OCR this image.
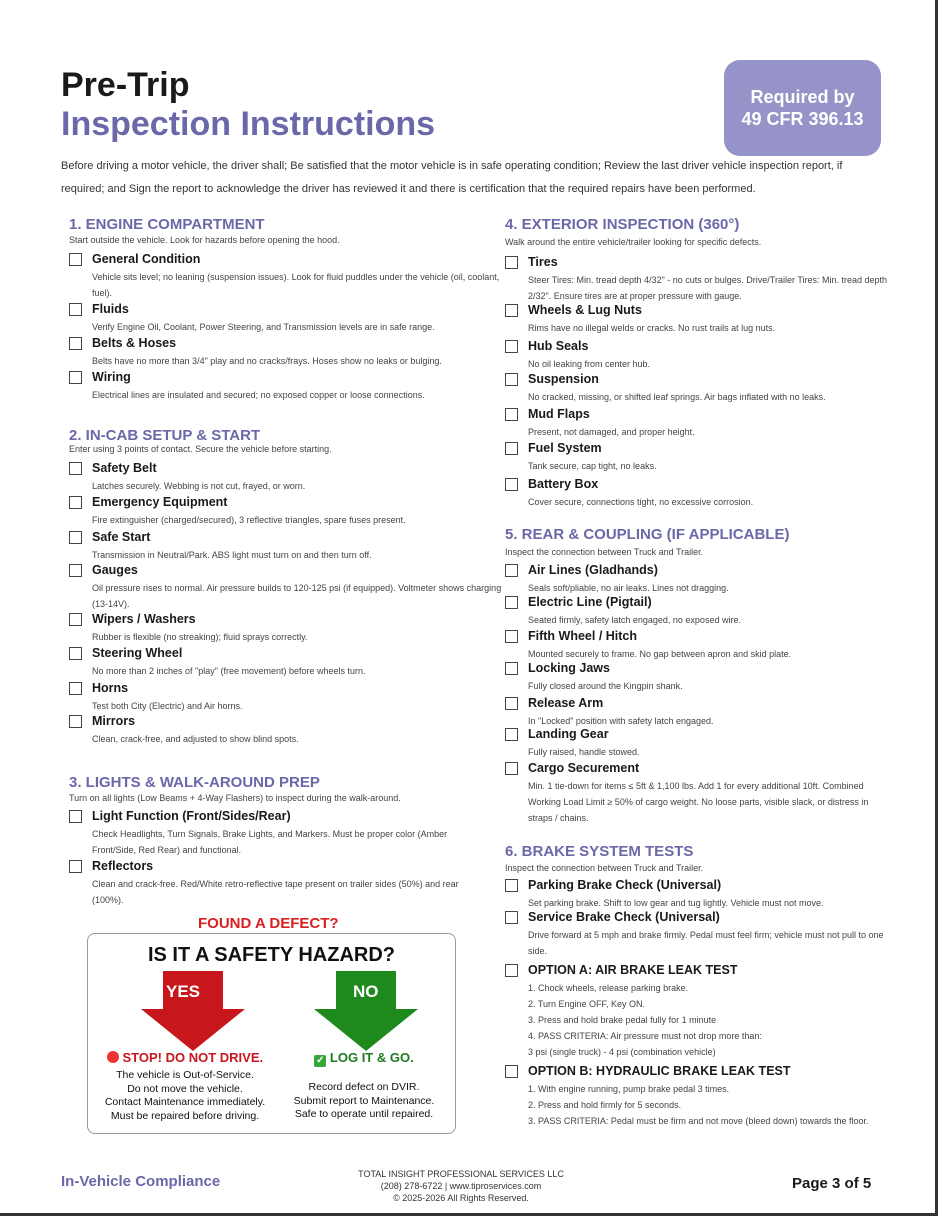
Pre-Trip
Inspection Instructions
Required by
49 CFR 396.13
Before driving a motor vehicle, the driver shall; Be satisfied that the motor vehicle is in safe operating condition; Review the last driver vehicle inspection report, if required; and Sign the report to acknowledge the driver has reviewed it and there is certification that the required repairs have been performed.
1. ENGINE COMPARTMENT
Start outside the vehicle. Look for hazards before opening the hood.
General Condition
Vehicle sits level; no leaning (suspension issues). Look for fluid puddles under the vehicle (oil, coolant, fuel).
Fluids
Verify Engine Oil, Coolant, Power Steering, and Transmission levels are in safe range.
Belts & Hoses
Belts have no more than 3/4" play and no cracks/frays. Hoses show no leaks or bulging.
Wiring
Electrical lines are insulated and secured; no exposed copper or loose connections.
2. IN-CAB SETUP & START
Enter using 3 points of contact. Secure the vehicle before starting.
Safety Belt
Latches securely. Webbing is not cut, frayed, or worn.
Emergency Equipment
Fire extinguisher (charged/secured), 3 reflective triangles, spare fuses present.
Safe Start
Transmission in Neutral/Park. ABS light must turn on and then turn off.
Gauges
Oil pressure rises to normal. Air pressure builds to 120-125 psi (if equipped). Voltmeter shows charging (13-14V).
Wipers / Washers
Rubber is flexible (no streaking); fluid sprays correctly.
Steering Wheel
No more than 2 inches of "play" (free movement) before wheels turn.
Horns
Test both City (Electric) and Air horns.
Mirrors
Clean, crack-free, and adjusted to show blind spots.
3. LIGHTS & WALK-AROUND PREP
Turn on all lights (Low Beams + 4-Way Flashers) to inspect during the walk-around.
Light Function (Front/Sides/Rear)
Check Headlights, Turn Signals, Brake Lights, and Markers. Must be proper color (Amber Front/Side, Red Rear) and functional.
Reflectors
Clean and crack-free. Red/White retro-reflective tape present on trailer sides (50%) and rear (100%).
4. EXTERIOR INSPECTION (360°)
Walk around the entire vehicle/trailer looking for specific defects.
Tires
Steer Tires: Min. tread depth 4/32" - no cuts or bulges. Drive/Trailer Tires: Min. tread depth 2/32". Ensure tires are at proper pressure with gauge.
Wheels & Lug Nuts
Rims have no illegal welds or cracks. No rust trails at lug nuts.
Hub Seals
No oil leaking from center hub.
Suspension
No cracked, missing, or shifted leaf springs. Air bags inflated with no leaks.
Mud Flaps
Present, not damaged, and proper height.
Fuel System
Tank secure, cap tight, no leaks.
Battery Box
Cover secure, connections tight, no excessive corrosion.
5. REAR & COUPLING (IF APPLICABLE)
Inspect the connection between Truck and Trailer.
Air Lines (Gladhands)
Seals soft/pliable, no air leaks. Lines not dragging.
Electric Line (Pigtail)
Seated firmly, safety latch engaged, no exposed wire.
Fifth Wheel / Hitch
Mounted securely to frame. No gap between apron and skid plate.
Locking Jaws
Fully closed around the Kingpin shank.
Release Arm
In "Locked" position with safety latch engaged.
Landing Gear
Fully raised, handle stowed.
Cargo Securement
Min. 1 tie-down for items ≤ 5ft & 1,100 lbs. Add 1 for every additional 10ft. Combined Working Load Limit ≥ 50% of cargo weight. No loose parts, visible slack, or distress in straps / chains.
6. BRAKE SYSTEM TESTS
Inspect the connection between Truck and Trailer.
Parking Brake Check (Universal)
Set parking brake. Shift to low gear and tug lightly. Vehicle must not move.
Service Brake Check (Universal)
Drive forward at 5 mph and brake firmly. Pedal must feel firm; vehicle must not pull to one side.
OPTION A: AIR BRAKE LEAK TEST
1. Chock wheels, release parking brake.
2. Turn Engine OFF, Key ON.
3. Press and hold brake pedal fully for 1 minute
4. PASS CRITERIA: Air pressure must not drop more than:
3 psi (single truck) - 4 psi (combination vehicle)
OPTION B: HYDRAULIC BRAKE LEAK TEST
1. With engine running, pump brake pedal 3 times.
2. Press and hold firmly for 5 seconds.
3. PASS CRITERIA: Pedal must be firm and not move (bleed down) towards the floor.
FOUND A DEFECT?
IS IT A SAFETY HAZARD?
YES	NO
STOP! DO NOT DRIVE.
The vehicle is Out-of-Service.
Do not move the vehicle.
Contact Maintenance immediately.
Must be repaired before driving.
✓ LOG IT & GO.
Record defect on DVIR.
Submit report to Maintenance.
Safe to operate until repaired.
In-Vehicle Compliance	TOTAL INSIGHT PROFESSIONAL SERVICES LLC
(208) 278-6722 | www.tiproservices.com
© 2025-2026 All Rights Reserved.
Page 3 of 5
